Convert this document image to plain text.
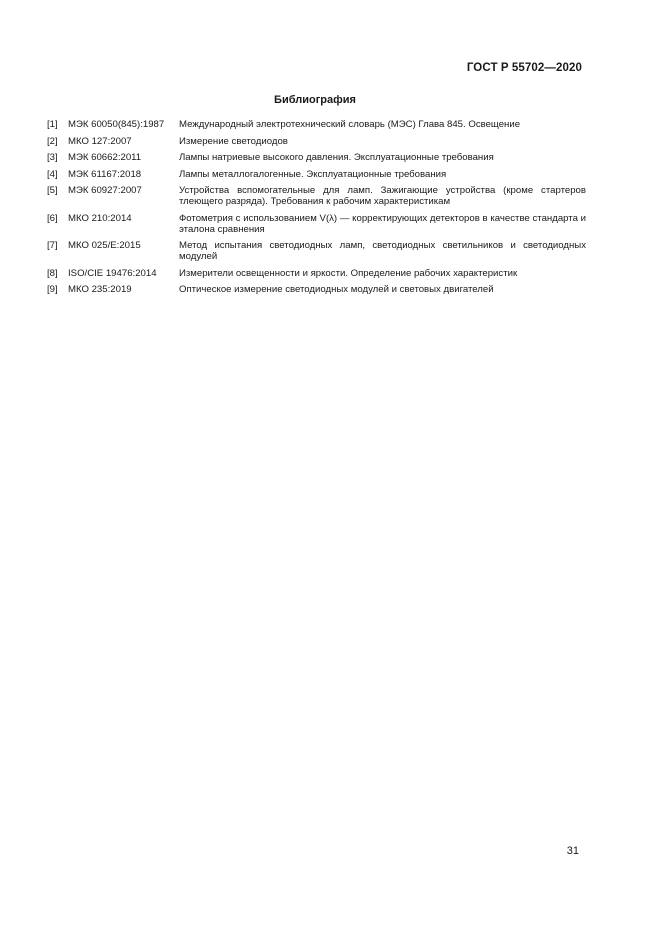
ГОСТ Р 55702—2020
Библиография
[1]	МЭК 60050(845):1987	Международный электротехнический словарь (МЭС) Глава 845. Освещение
[2]	МКО 127:2007	Измерение светодиодов
[3]	МЭК 60662:2011	Лампы натриевые высокого давления. Эксплуатационные требования
[4]	МЭК 61167:2018	Лампы металлогалогенные. Эксплуатационные требования
[5]	МЭК 60927:2007	Устройства вспомогательные для ламп. Зажигающие устройства (кроме стартеров тлеющего разряда). Требования к рабочим характеристикам
[6]	МКО 210:2014	Фотометрия с использованием V(λ) — корректирующих детекторов в качестве стандарта и эталона сравнения
[7]	МКО 025/E:2015	Метод испытания светодиодных ламп, светодиодных светильников и светодиодных модулей
[8]	ISO/CIE 19476:2014	Измерители освещенности и яркости. Определение рабочих характеристик
[9]	МКО 235:2019	Оптическое измерение светодиодных модулей и световых двигателей
31
